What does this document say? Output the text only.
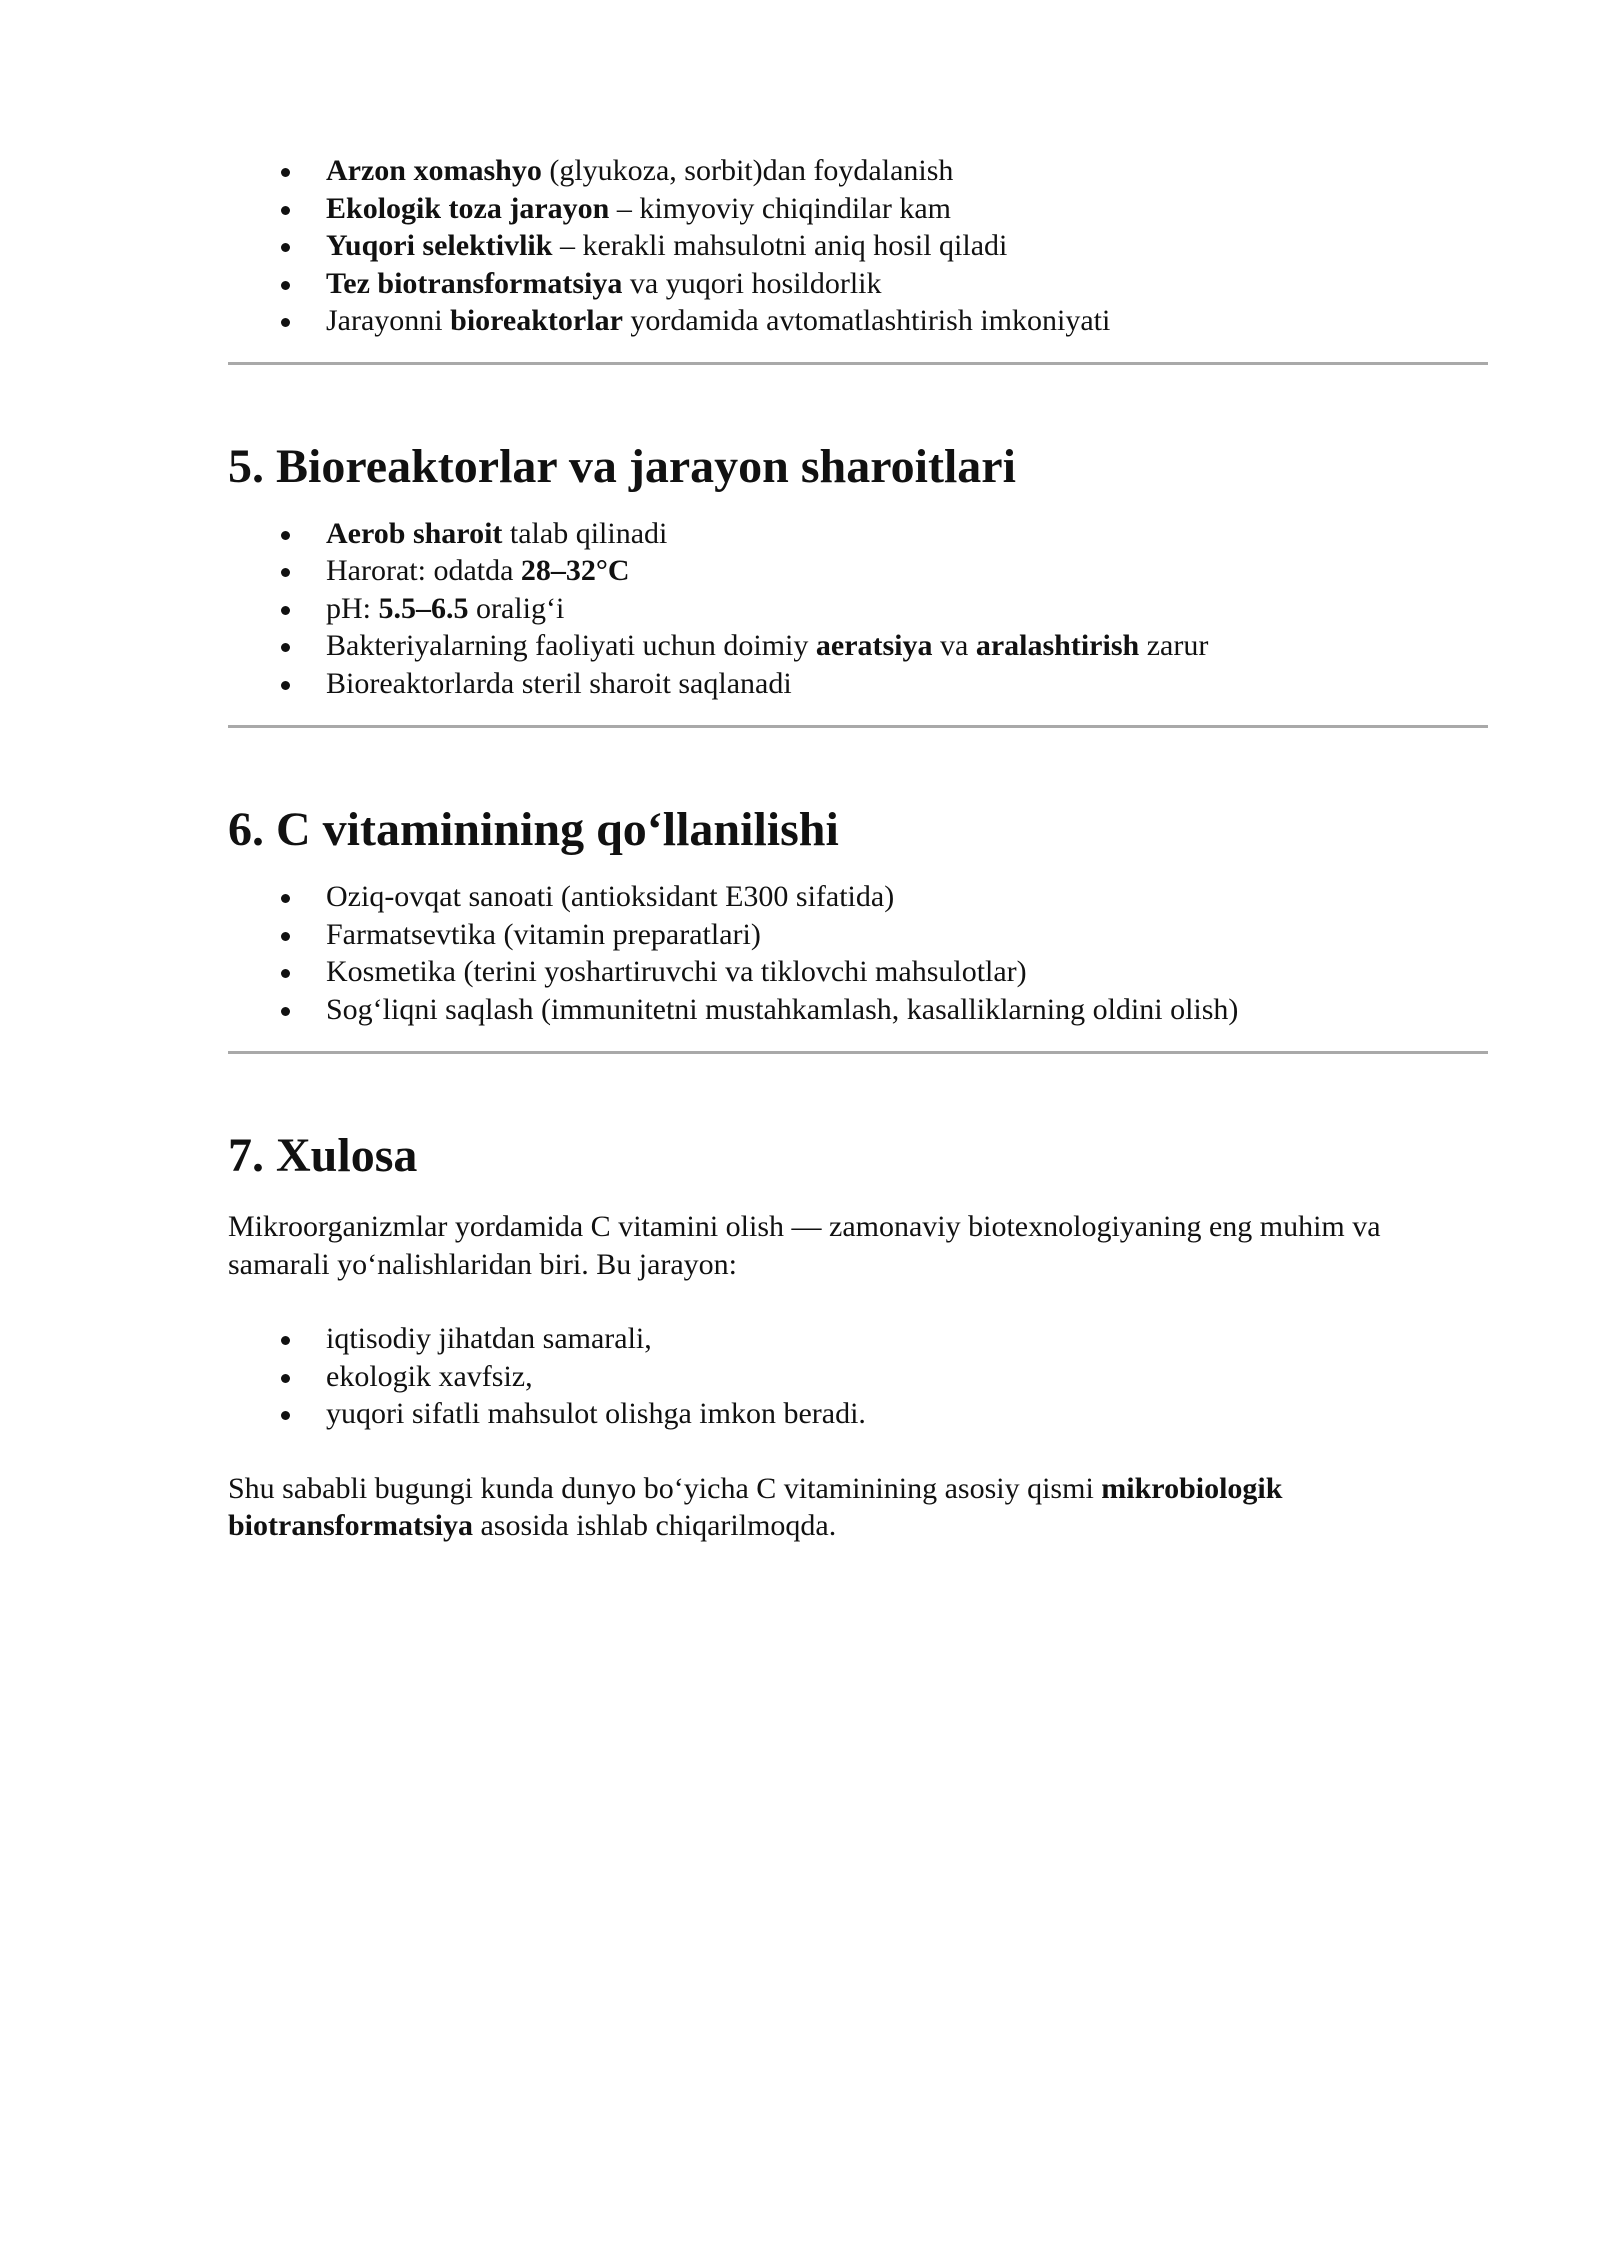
Arzon xomashyo (glyukoza, sorbit)dan foydalanish
Ekologik toza jarayon – kimyoviy chiqindilar kam
Yuqori selektivlik – kerakli mahsulotni aniq hosil qiladi
Tez biotransformatsiya va yuqori hosildorlik
Jarayonni bioreaktorlar yordamida avtomatlashtirish imkoniyati
5. Bioreaktorlar va jarayon sharoitlari
Aerob sharoit talab qilinadi
Harorat: odatda 28–32°C
pH: 5.5–6.5 oralig‘i
Bakteriyalarning faoliyati uchun doimiy aeratsiya va aralashtirish zarur
Bioreaktorlarda steril sharoit saqlanadi
6. C vitaminining qo‘llanilishi
Oziq-ovqat sanoati (antioksidant E300 sifatida)
Farmatsevtika (vitamin preparatlari)
Kosmetika (terini yoshartiruvchi va tiklovchi mahsulotlar)
Sog‘liqni saqlash (immunitetni mustahkamlash, kasalliklarning oldini olish)
7. Xulosa

Mikroorganizmlar yordamida C vitamini olish — zamonaviy biotexnologiyaning eng muhim va
samarali yo‘nalishlaridan biri. Bu jarayon:

iqtisodiy jihatdan samarali,
ekologik xavfsiz,
yuqori sifatli mahsulot olishga imkon beradi.

Shu sababli bugungi kunda dunyo bo‘yicha C vitaminining asosiy qismi mikrobiologik
biotransformatsiya asosida ishlab chiqarilmoqda.
